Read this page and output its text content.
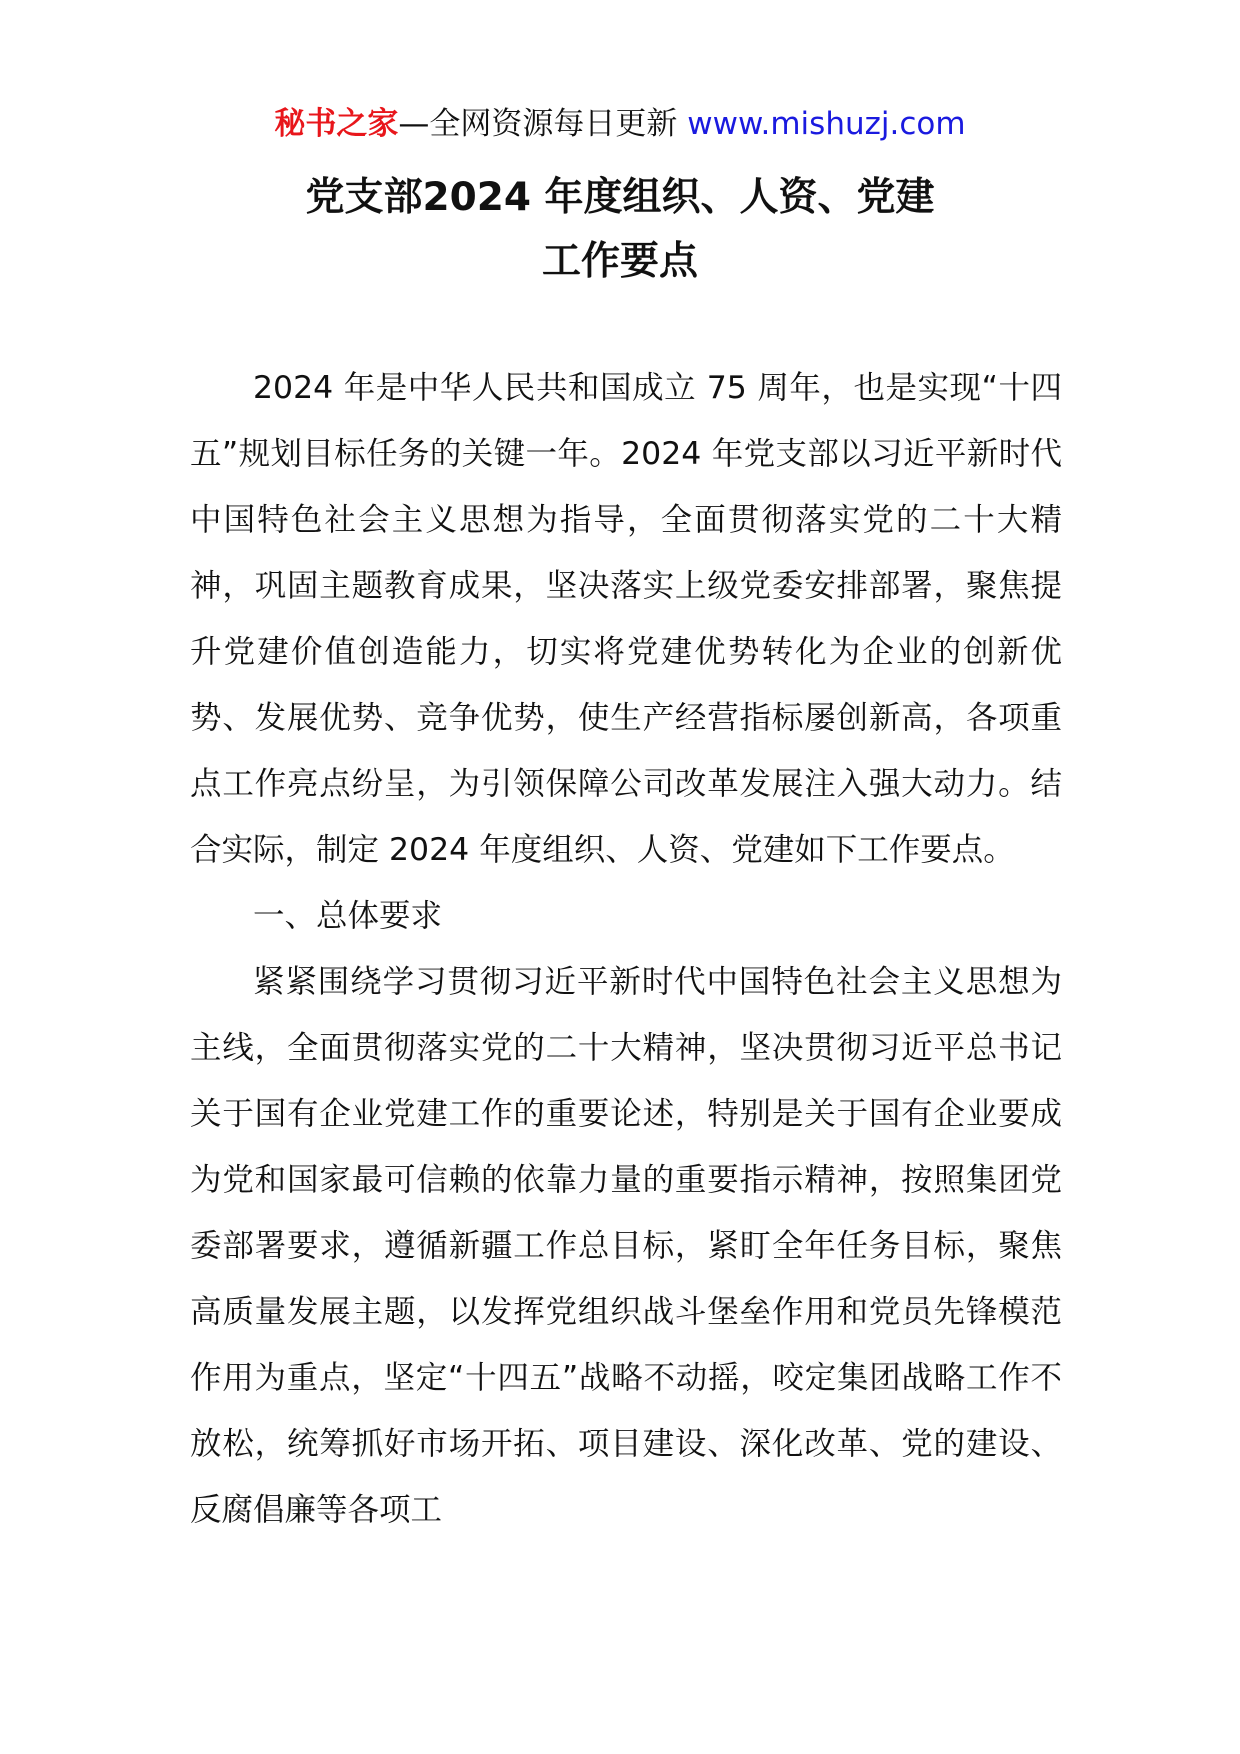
秘书之家—全网资源每日更新 www.mishuzj.com
党支部2024 年度组织、人资、党建
工作要点

2024 年是中华人民共和国成立 75 周年，也是实现“十四五”规划目标任务的关键一年。2024 年党支部以习近平新时代中国特色社会主义思想为指导，全面贯彻落实党的二十大精神，巩固主题教育成果，坚决落实上级党委安排部署，聚焦提升党建价值创造能力，切实将党建优势转化为企业的创新优势、发展优势、竞争优势，使生产经营指标屡创新高，各项重点工作亮点纷呈，为引领保障公司改革发展注入强大动力。结合实际，制定 2024 年度组织、人资、党建如下工作要点。

一、总体要求

紧紧围绕学习贯彻习近平新时代中国特色社会主义思想为主线，全面贯彻落实党的二十大精神，坚决贯彻习近平总书记关于国有企业党建工作的重要论述，特别是关于国有企业要成为党和国家最可信赖的依靠力量的重要指示精神，按照集团党委部署要求，遵循新疆工作总目标，紧盯全年任务目标，聚焦高质量发展主题，以发挥党组织战斗堡垒作用和党员先锋模范作用为重点，坚定“十四五”战略不动摇，咬定集团战略工作不放松，统筹抓好市场开拓、项目建设、深化改革、党的建设、反腐倡廉等各项工
